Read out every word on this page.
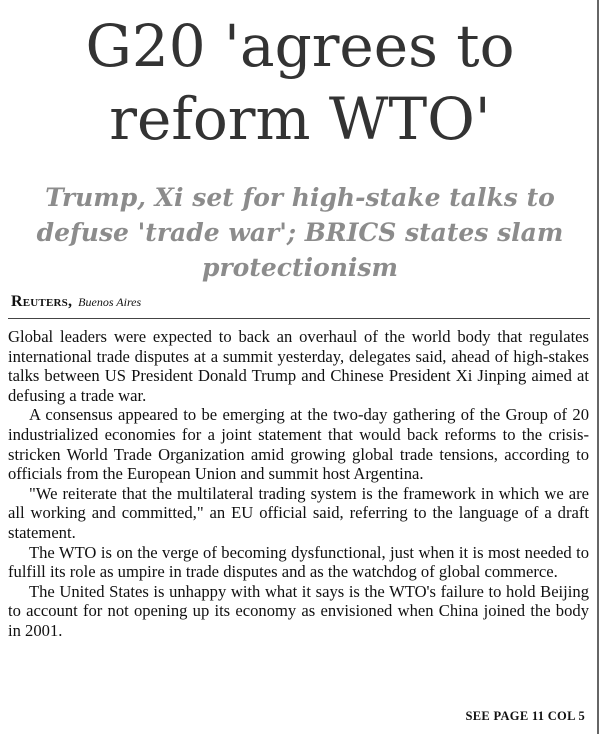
G20 'agrees to reform WTO'
Trump, Xi set for high-stake talks to defuse 'trade war'; BRICS states slam protectionism
Reuters, Buenos Aires

Global leaders were expected to back an overhaul of the world body that regulates international trade disputes at a summit yesterday, delegates said, ahead of high-stakes talks between US President Donald Trump and Chinese President Xi Jinping aimed at defusing a trade war.

A consensus appeared to be emerging at the two-day gathering of the Group of 20 industrialized economies for a joint statement that would back reforms to the crisis-stricken World Trade Organization amid growing global trade tensions, according to officials from the European Union and summit host Argentina.

"We reiterate that the multilateral trading system is the framework in which we are all working and committed," an EU official said, referring to the language of a draft statement.

The WTO is on the verge of becoming dysfunctional, just when it is most needed to fulfill its role as umpire in trade disputes and as the watchdog of global commerce.

The United States is unhappy with what it says is the WTO's failure to hold Beijing to account for not opening up its economy as envisioned when China joined the body in 2001.

SEE PAGE 11 COL 5
